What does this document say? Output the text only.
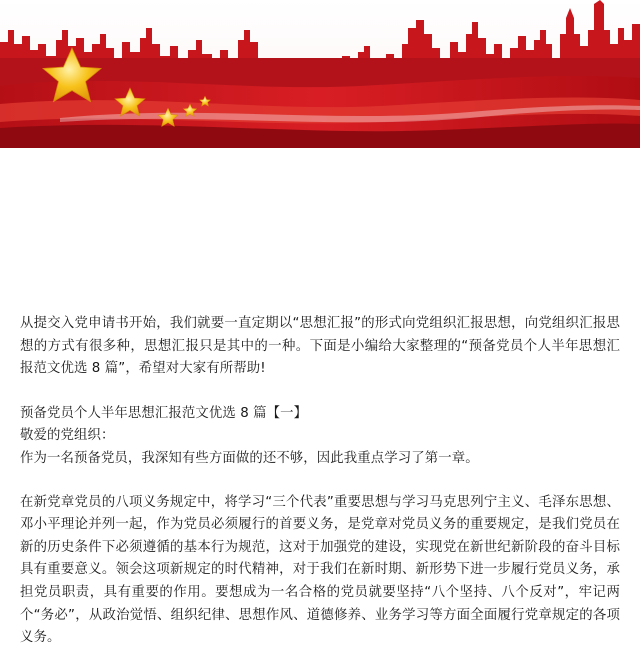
从提交入党申请书开始，我们就要一直定期以“思想汇报”的形式向党组织汇报思想，向党组织汇报思想的方式有很多种，思想汇报只是其中的一种。下面是小编给大家整理的“预备党员个人半年思想汇报范文优选 8 篇”，希望对大家有所帮助!

预备党员个人半年思想汇报范文优选 8 篇【一】

敬爱的党组织：

作为一名预备党员，我深知有些方面做的还不够，因此我重点学习了第一章。

在新党章党员的八项义务规定中，将学习“三个代表”重要思想与学习马克思列宁主义、毛泽东思想、邓小平理论并列一起，作为党员必须履行的首要义务，是党章对党员义务的重要规定，是我们党员在新的历史条件下必须遵循的基本行为规范，这对于加强党的建设，实现党在新世纪新阶段的奋斗目标具有重要意义。领会这项新规定的时代精神，对于我们在新时期、新形势下进一步履行党员义务，承担党员职责，具有重要的作用。要想成为一名合格的党员就要坚持“八个坚持、八个反对”，牢记两个“务必”，从政治觉悟、组织纪律、思想作风、道德修养、业务学习等方面全面履行党章规定的各项义务。
